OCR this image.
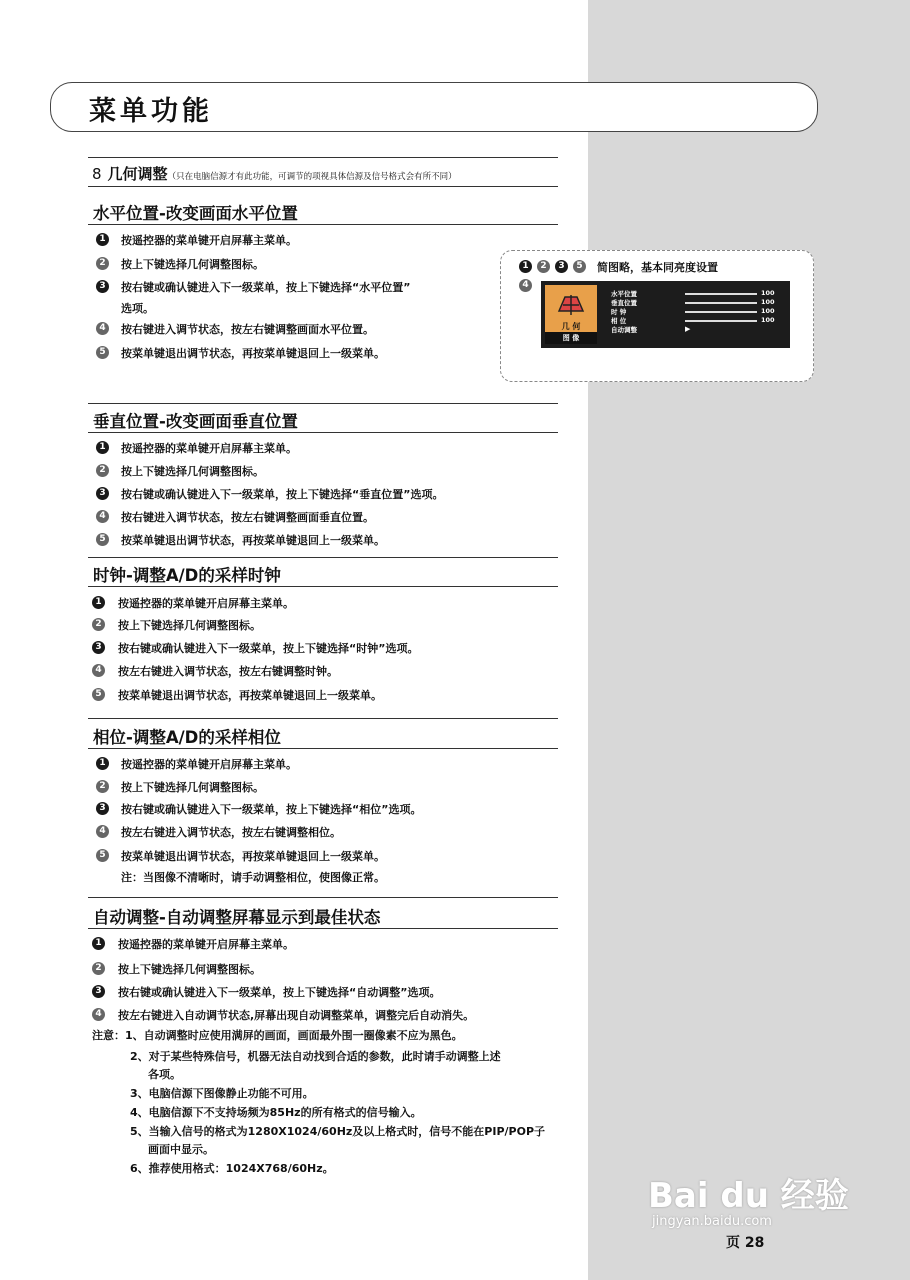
菜单功能
8 几何调整（只在电脑信源才有此功能，可调节的项视具体信源及信号格式会有所不同）
水平位置-改变画面水平位置
1	按遥控器的菜单键开启屏幕主菜单。
2	按上下键选择几何调整图标。
3	按右键或确认键进入下一级菜单，按上下键选择“水平位置”
选项。
4	按右键进入调节状态，按左右键调整画面水平位置。
5	按菜单键退出调节状态，再按菜单键退回上一级菜单。
1	2	3	5	简图略，基本同亮度设置
4
几 何
图 像
水平位置	100
垂直位置	100
时 钟	100
相 位	100
自动调整	▶
垂直位置-改变画面垂直位置
1	按遥控器的菜单键开启屏幕主菜单。
2	按上下键选择几何调整图标。
3	按右键或确认键进入下一级菜单，按上下键选择“垂直位置”选项。
4	按右键进入调节状态，按左右键调整画面垂直位置。
5	按菜单键退出调节状态，再按菜单键退回上一级菜单。
时钟-调整A/D的采样时钟
1	按遥控器的菜单键开启屏幕主菜单。
2	按上下键选择几何调整图标。
3	按右键或确认键进入下一级菜单，按上下键选择“时钟”选项。
4	按左右键进入调节状态，按左右键调整时钟。
5	按菜单键退出调节状态，再按菜单键退回上一级菜单。
相位-调整A/D的采样相位
1	按遥控器的菜单键开启屏幕主菜单。
2	按上下键选择几何调整图标。
3	按右键或确认键进入下一级菜单，按上下键选择“相位”选项。
4	按左右键进入调节状态，按左右键调整相位。
5	按菜单键退出调节状态，再按菜单键退回上一级菜单。
注：当图像不清晰时，请手动调整相位，使图像正常。
自动调整-自动调整屏幕显示到最佳状态
1	按遥控器的菜单键开启屏幕主菜单。
2	按上下键选择几何调整图标。
3	按右键或确认键进入下一级菜单，按上下键选择“自动调整”选项。
4	按左右键进入自动调节状态,屏幕出现自动调整菜单，调整完后自动消失。
注意：1、自动调整时应使用满屏的画面，画面最外围一圈像素不应为黑色。
2、对于某些特殊信号，机器无法自动找到合适的参数，此时请手动调整上述
各项。
3、电脑信源下图像静止功能不可用。
4、电脑信源下不支持场频为85Hz的所有格式的信号输入。
5、当输入信号的格式为1280X1024/60Hz及以上格式时，信号不能在PIP/POP子
画面中显示。
6、推荐使用格式：1024X768/60Hz。
Bai du 经验
jingyan.baidu.com
页 28
